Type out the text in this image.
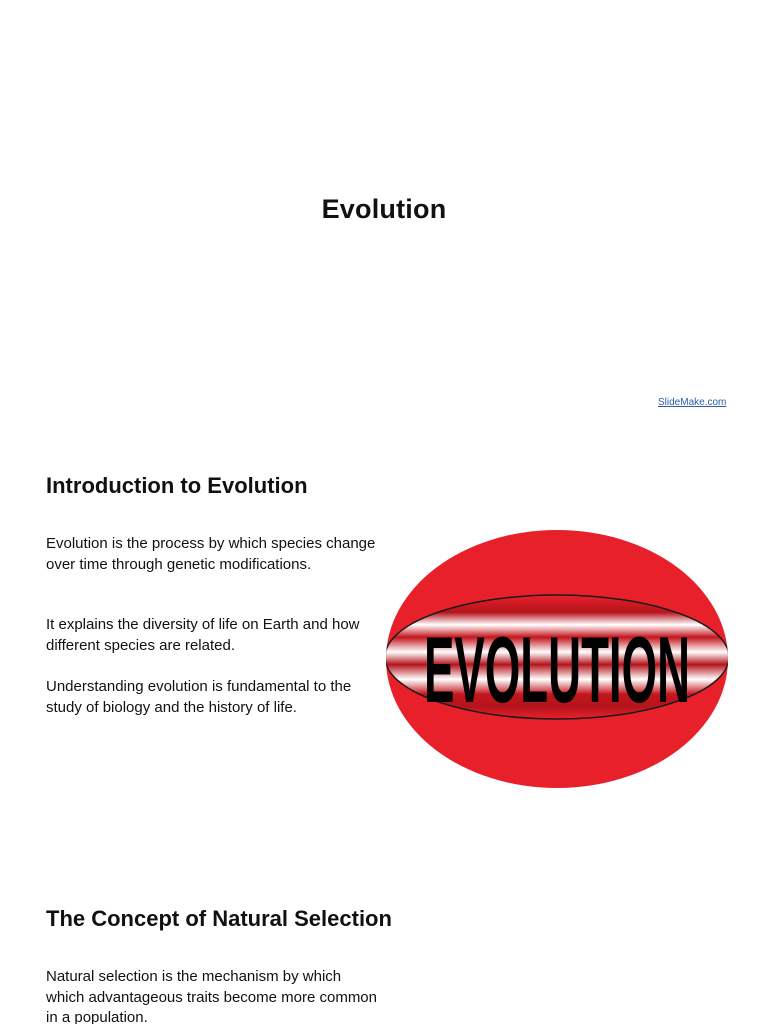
Evolution
SlideMake.com
Introduction to Evolution

Evolution is the process by which species change over time through genetic modifications.

It explains the diversity of life on Earth and how different species are related.

Understanding evolution is fundamental to the study of biology and the history of life.	EVOLUTION
The Concept of Natural Selection

Natural selection is the mechanism by which which advantageous traits become more common in a population.
